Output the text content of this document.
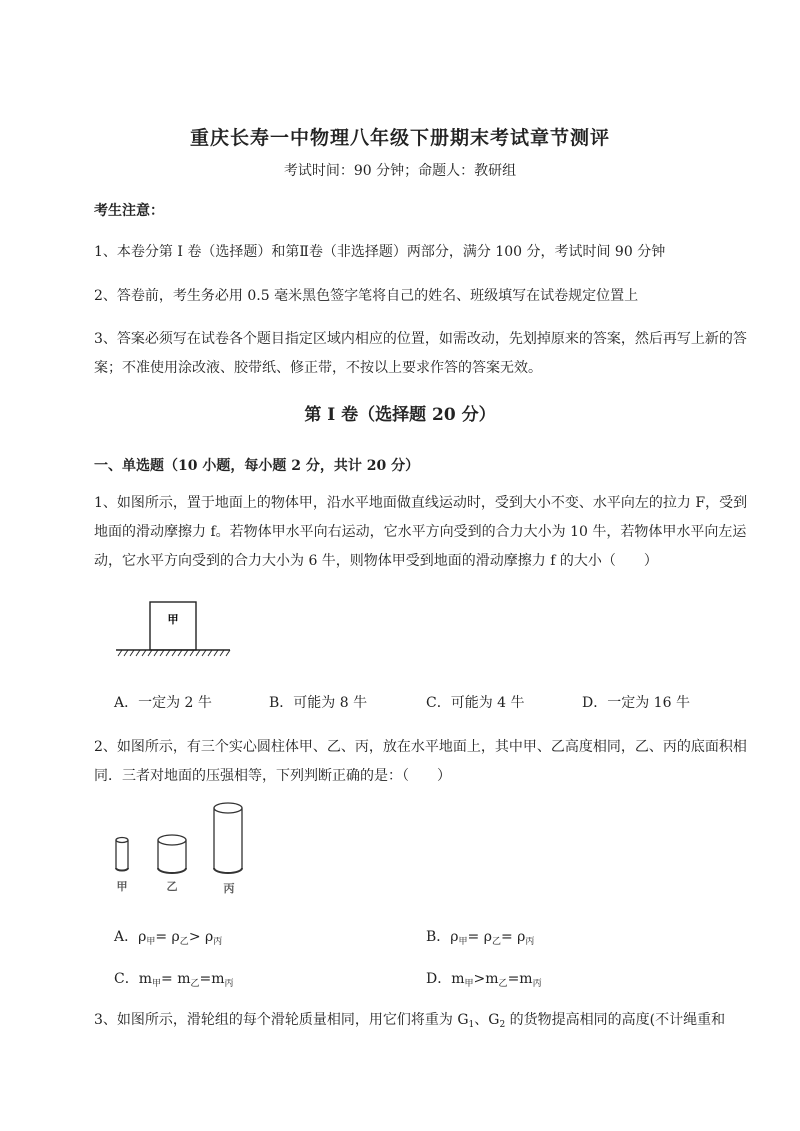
重庆长寿一中物理八年级下册期末考试章节测评
考试时间：90 分钟；命题人：教研组
考生注意：
1、本卷分第 I 卷（选择题）和第Ⅱ卷（非选择题）两部分，满分 100 分，考试时间 90 分钟
2、答卷前，考生务必用 0.5 毫米黑色签字笔将自己的姓名、班级填写在试卷规定位置上
3、答案必须写在试卷各个题目指定区域内相应的位置，如需改动，先划掉原来的答案，然后再写上新的答案；不准使用涂改液、胶带纸、修正带，不按以上要求作答的答案无效。
第 I 卷（选择题 20 分）
一、单选题（10 小题，每小题 2 分，共计 20 分）
1、如图所示，置于地面上的物体甲，沿水平地面做直线运动时，受到大小不变、水平向左的拉力 F，受到地面的滑动摩擦力 f。若物体甲水平向右运动，它水平方向受到的合力大小为 10 牛，若物体甲水平向左运动，它水平方向受到的合力大小为 6 牛，则物体甲受到地面的滑动摩擦力 f 的大小（　　）
甲
A．一定为 2 牛	B．可能为 8 牛	C．可能为 4 牛	D．一定为 16 牛
2、如图所示，有三个实心圆柱体甲、乙、丙，放在水平地面上，其中甲、乙高度相同，乙、丙的底面积相同．三者对地面的压强相等，下列判断正确的是：（　　）
甲	乙	丙
A．$\rho_甲= \rho_乙> \rho_丙$	B．$\rho_甲= \rho_乙= \rho_丙$
C．$m_甲= m_乙=m_丙$	D．$m_甲>m_乙=m_丙$
3、如图所示，滑轮组的每个滑轮质量相同，用它们将重为 $G_1$、$G_2$ 的货物提高相同的高度(不计绳重和
